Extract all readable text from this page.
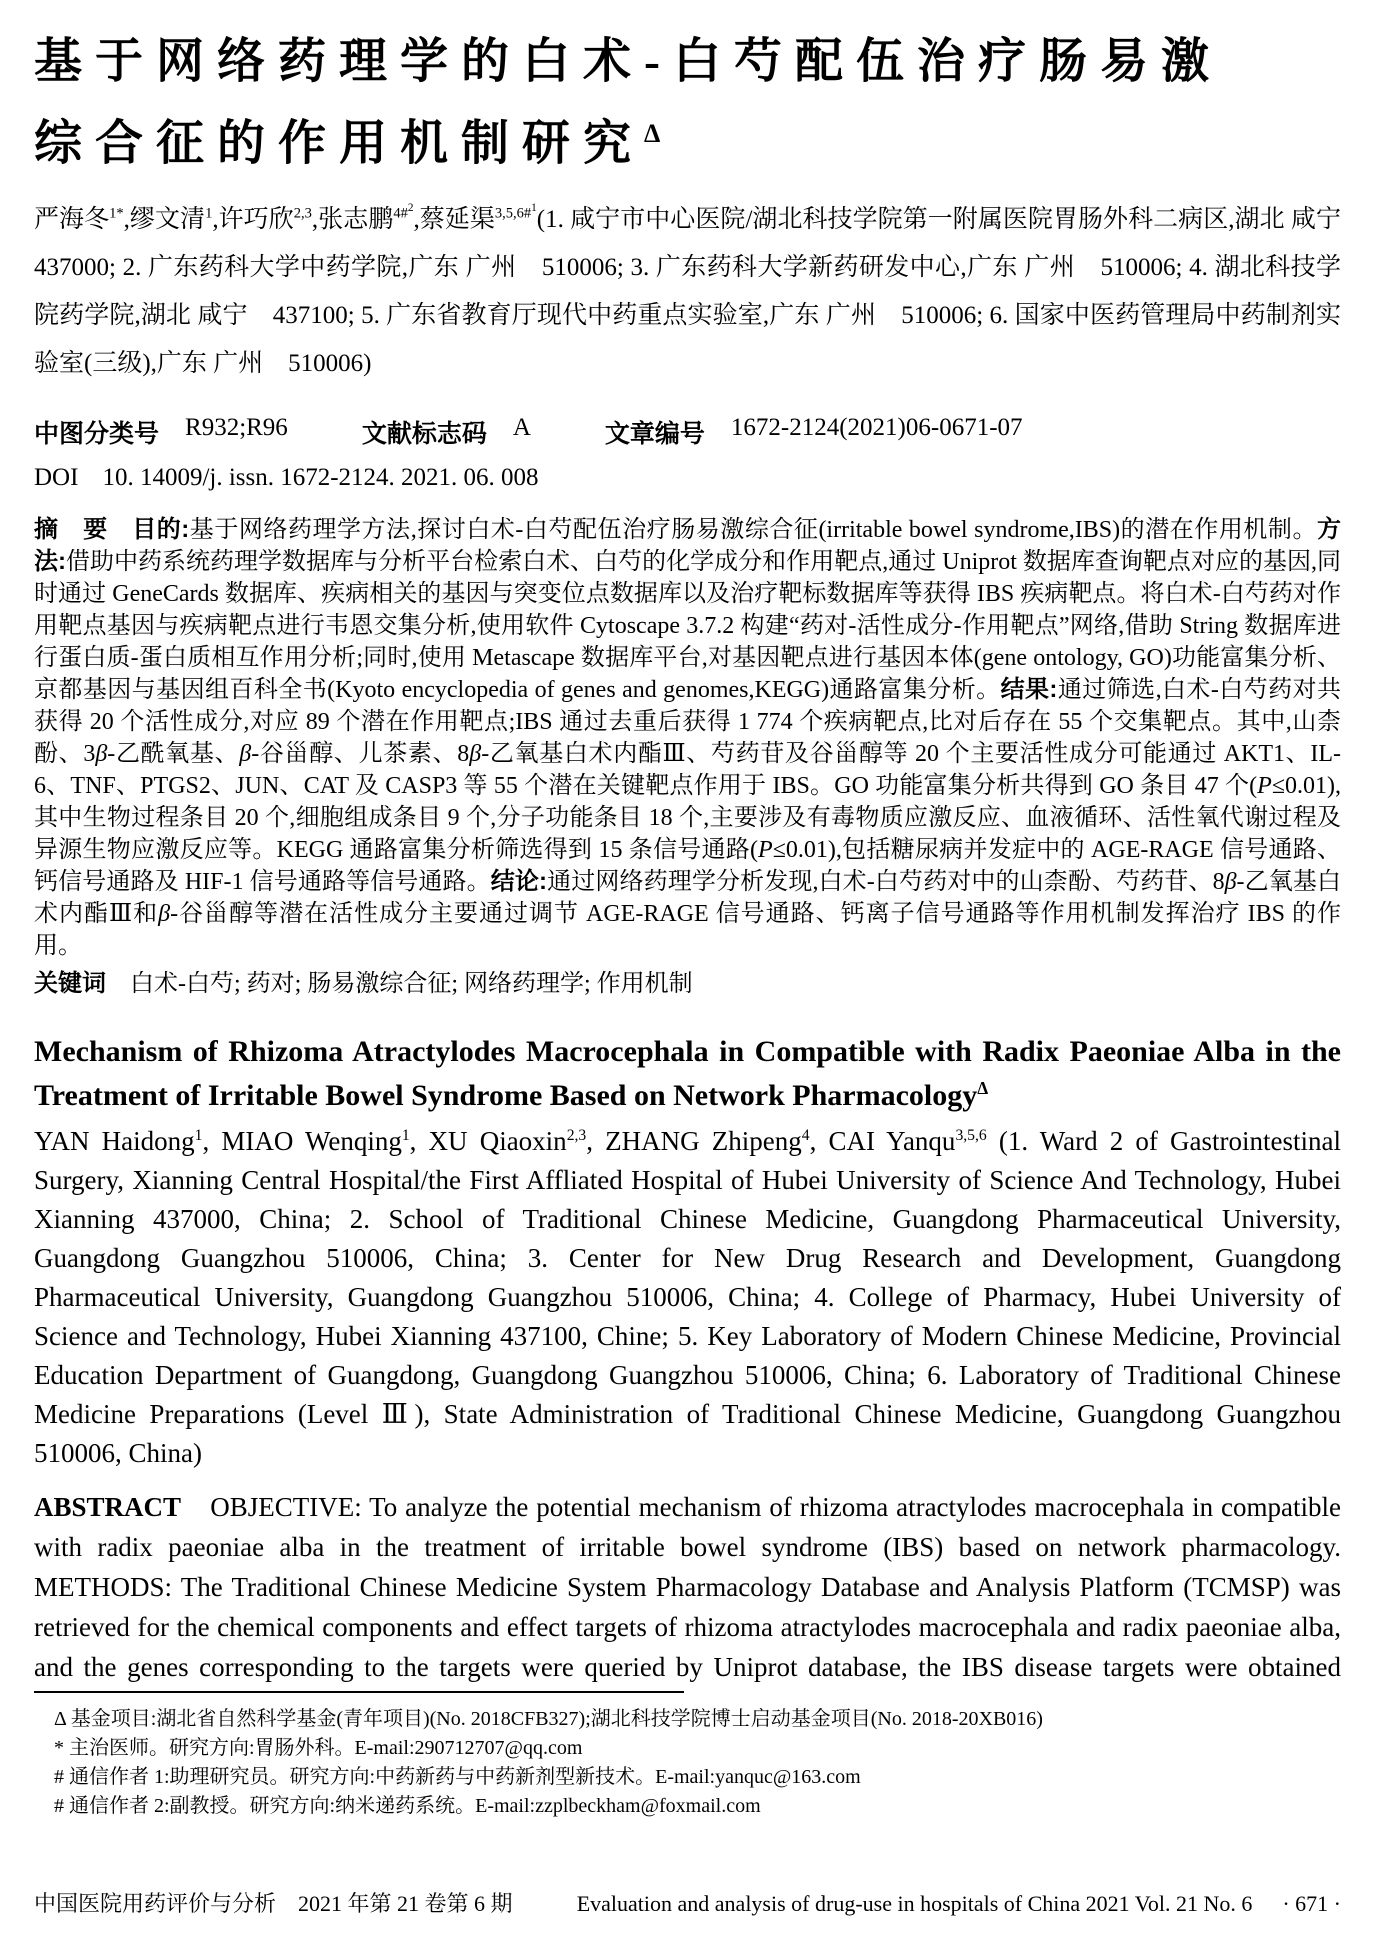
基于网络药理学的白术-白芍配伍治疗肠易激
综合征的作用机制研究$^\Delta$
严海冬$^{1*}$,缪文清$^1$,许巧欣$^{2,3}$,张志鹏$^{4\#2}$,蔡延渠$^{3,5,6\#1}$(1. 咸宁市中心医院/湖北科技学院第一附属医院胃肠外科二病区,湖北 咸宁　437000; 2. 广东药科大学中药学院,广东 广州　510006; 3. 广东药科大学新药研发中心,广东 广州　510006; 4. 湖北科技学院药学院,湖北 咸宁　437100; 5. 广东省教育厅现代中药重点实验室,广东 广州　510006; 6. 国家中医药管理局中药制剂实验室(三级),广东 广州　510006)
中图分类号 R932;R96	文献标志码 A	文章编号 1672-2124(2021)06-0671-07
DOI 10. 14009/j. issn. 1672-2124. 2021. 06. 008
摘　要　 目的:基于网络药理学方法,探讨白术-白芍配伍治疗肠易激综合征(irritable bowel syndrome,IBS)的潜在作用机制。方法:借助中药系统药理学数据库与分析平台检索白术、白芍的化学成分和作用靶点,通过 Uniprot 数据库查询靶点对应的基因,同时通过 GeneCards 数据库、疾病相关的基因与突变位点数据库以及治疗靶标数据库等获得 IBS 疾病靶点。将白术-白芍药对作用靶点基因与疾病靶点进行韦恩交集分析,使用软件 Cytoscape 3.7.2 构建“药对-活性成分-作用靶点”网络,借助 String 数据库进行蛋白质-蛋白质相互作用分析;同时,使用 Metascape 数据库平台,对基因靶点进行基因本体(gene ontology, GO)功能富集分析、京都基因与基因组百科全书(Kyoto encyclopedia of genes and genomes,KEGG)通路富集分析。结果:通过筛选,白术-白芍药对共获得 20 个活性成分,对应 89 个潜在作用靶点;IBS 通过去重后获得 1 774 个疾病靶点,比对后存在 55 个交集靶点。其中,山柰酚、3β-乙酰氧基、β-谷甾醇、儿茶素、8β-乙氧基白术内酯Ⅲ、芍药苷及谷甾醇等 20 个主要活性成分可能通过 AKT1、IL-6、TNF、PTGS2、JUN、CAT 及 CASP3 等 55 个潜在关键靶点作用于 IBS。GO 功能富集分析共得到 GO 条目 47 个(P≤0.01),其中生物过程条目 20 个,细胞组成条目 9 个,分子功能条目 18 个,主要涉及有毒物质应激反应、血液循环、活性氧代谢过程及异源生物应激反应等。KEGG 通路富集分析筛选得到 15 条信号通路(P≤0.01),包括糖尿病并发症中的 AGE-RAGE 信号通路、钙信号通路及 HIF-1 信号通路等信号通路。结论:通过网络药理学分析发现,白术-白芍药对中的山柰酚、芍药苷、8β-乙氧基白术内酯Ⅲ和β-谷甾醇等潜在活性成分主要通过调节 AGE-RAGE 信号通路、钙离子信号通路等作用机制发挥治疗 IBS 的作用。
关键词　白术-白芍; 药对; 肠易激综合征; 网络药理学; 作用机制
Mechanism of Rhizoma Atractylodes Macrocephala in Compatible with Radix Paeoniae Alba in the Treatment of Irritable Bowel Syndrome Based on Network Pharmacology$^\Delta$
YAN Haidong$^1$, MIAO Wenqing$^1$, XU Qiaoxin$^{2,3}$, ZHANG Zhipeng$^4$, CAI Yanqu$^{3,5,6}$ (1. Ward 2 of Gastrointestinal Surgery, Xianning Central Hospital/the First Affliated Hospital of Hubei University of Science And Technology, Hubei Xianning 437000, China; 2. School of Traditional Chinese Medicine, Guangdong Pharmaceutical University, Guangdong Guangzhou 510006, China; 3. Center for New Drug Research and Development, Guangdong Pharmaceutical University, Guangdong Guangzhou 510006, China; 4. College of Pharmacy, Hubei University of Science and Technology, Hubei Xianning 437100, Chine; 5. Key Laboratory of Modern Chinese Medicine, Provincial Education Department of Guangdong, Guangdong Guangzhou 510006, China; 6. Laboratory of Traditional Chinese Medicine Preparations (Level Ⅲ), State Administration of Traditional Chinese Medicine, Guangdong Guangzhou 510006, China)
ABSTRACT　OBJECTIVE: To analyze the potential mechanism of rhizoma atractylodes macrocephala in compatible with radix paeoniae alba in the treatment of irritable bowel syndrome (IBS) based on network pharmacology. METHODS: The Traditional Chinese Medicine System Pharmacology Database and Analysis Platform (TCMSP) was retrieved for the chemical components and effect targets of rhizoma atractylodes macrocephala and radix paeoniae alba, and the genes corresponding to the targets were queried by Uniprot database, the IBS disease targets were obtained
Δ 基金项目:湖北省自然科学基金(青年项目)(No. 2018CFB327);湖北科技学院博士启动基金项目(No. 2018-20XB016)
* 主治医师。研究方向:胃肠外科。E-mail:290712707@qq.com
# 通信作者 1:助理研究员。研究方向:中药新药与中药新剂型新技术。E-mail:yanquc@163.com
# 通信作者 2:副教授。研究方向:纳米递药系统。E-mail:zzplbeckham@foxmail.com
中国医院用药评价与分析　2021 年第 21 卷第 6 期	Evaluation and analysis of drug-use in hospitals of China 2021 Vol. 21 No. 6 · 671 ·
